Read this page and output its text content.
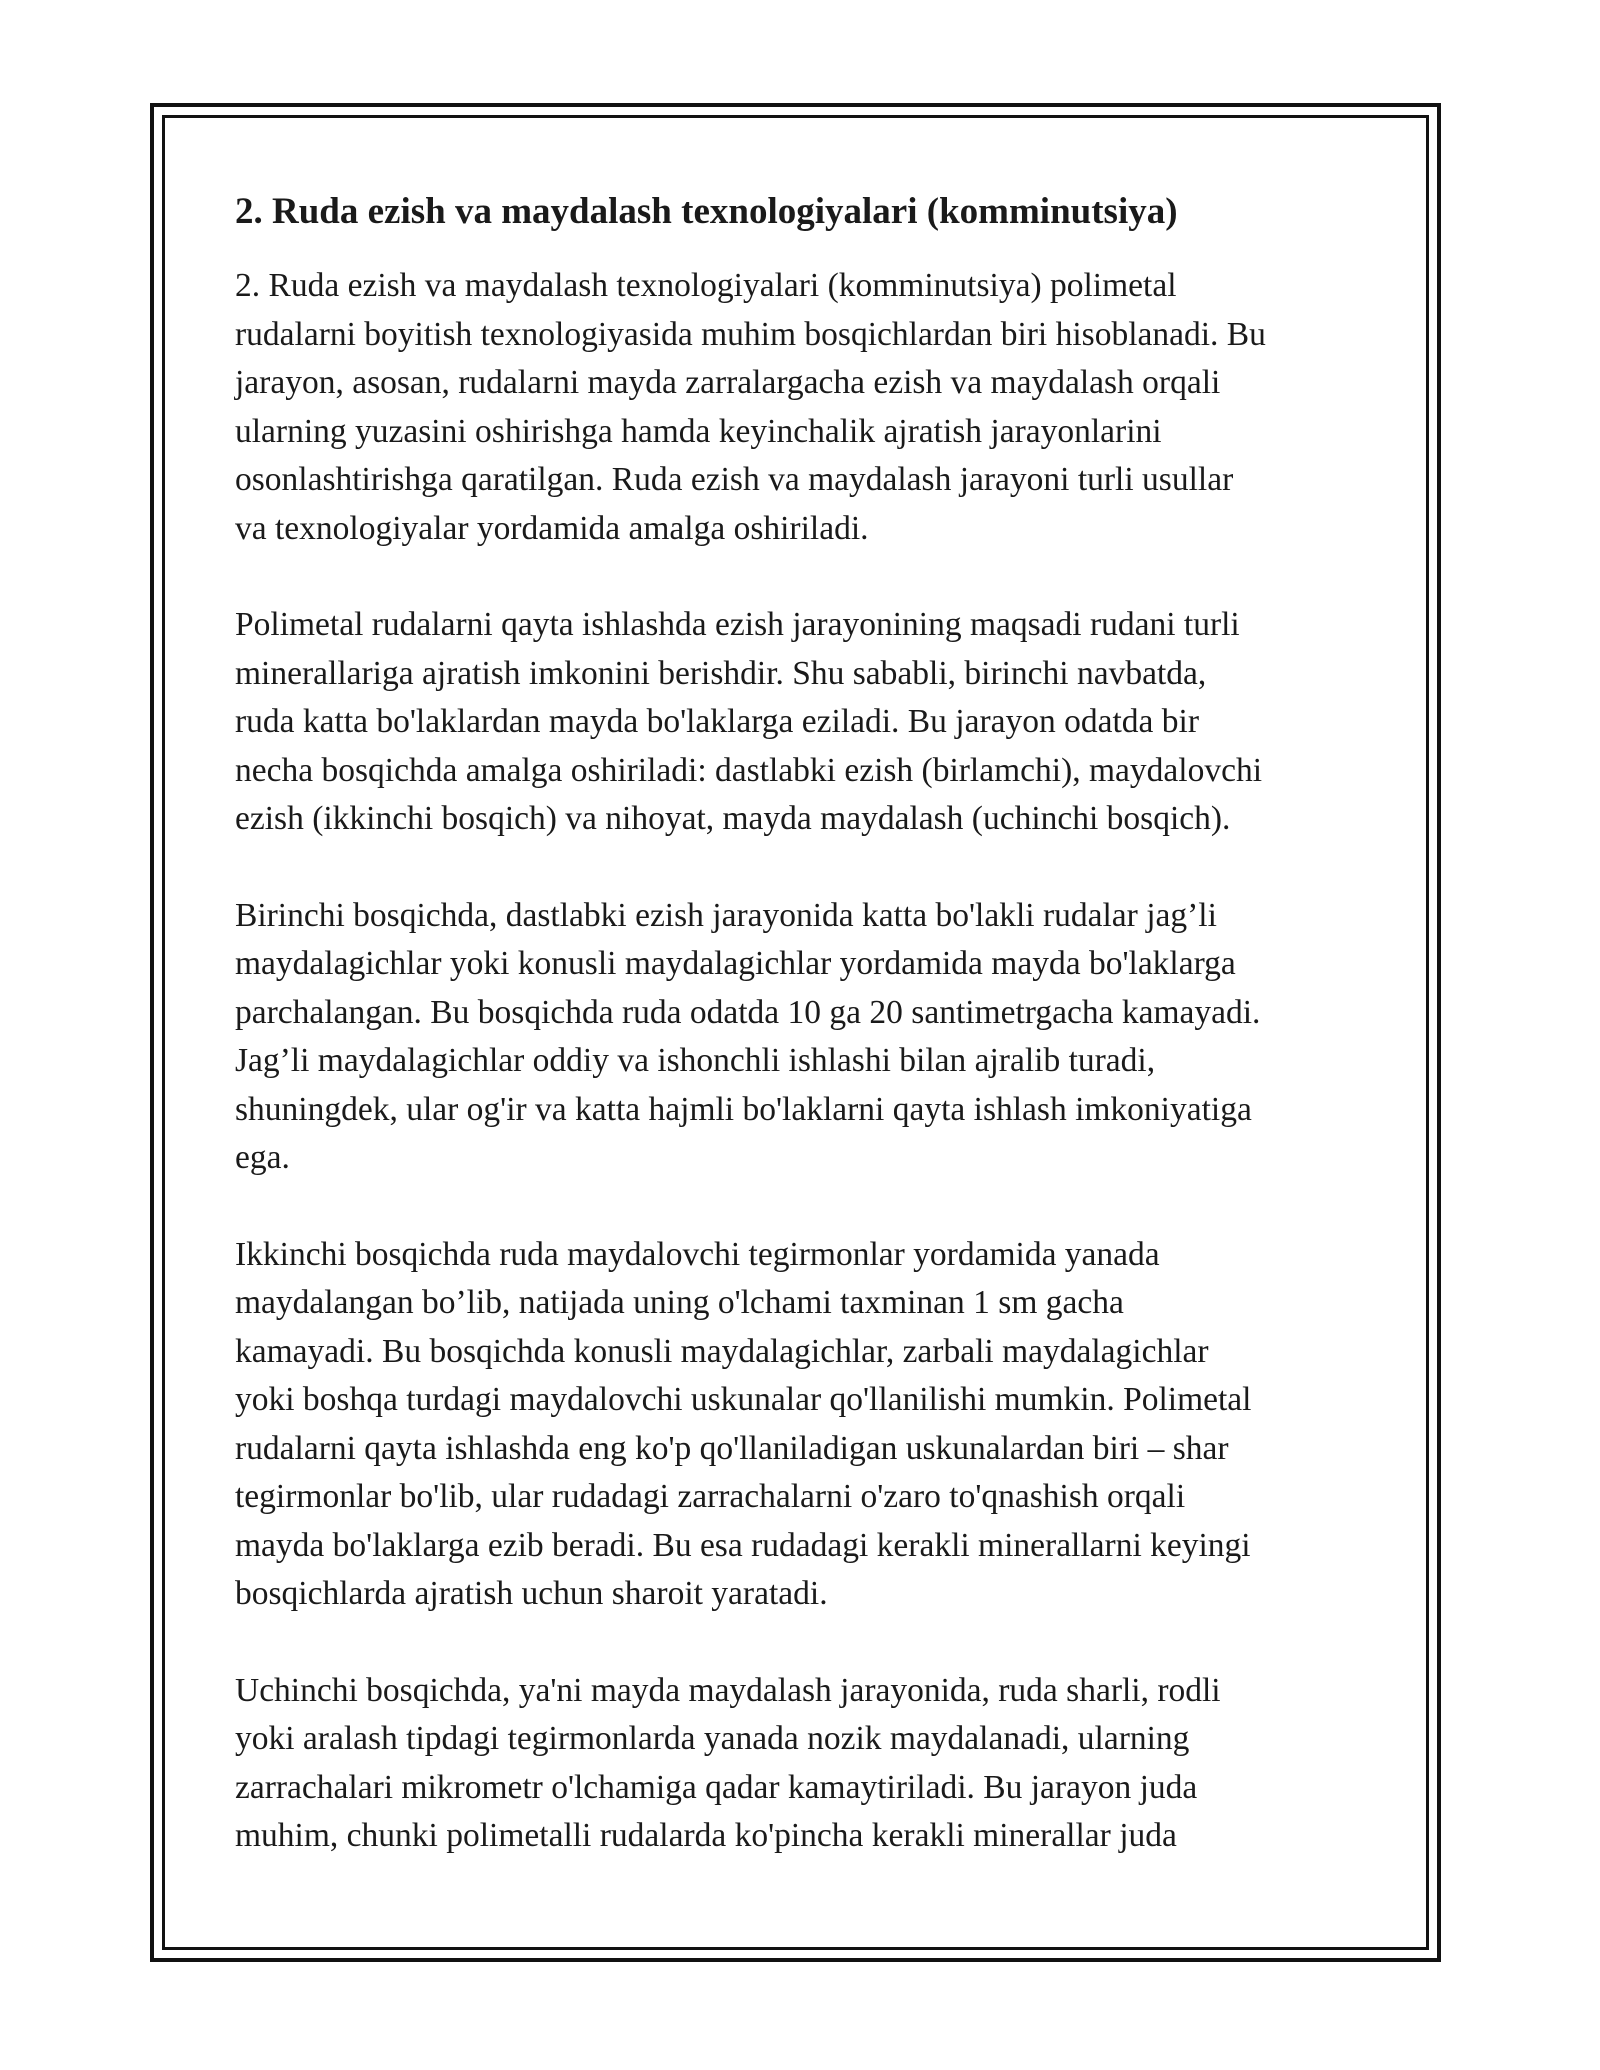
2. Ruda ezish va maydalash texnologiyalari (komminutsiya)
2. Ruda ezish va maydalash texnologiyalari (komminutsiya) polimetal
rudalarni boyitish texnologiyasida muhim bosqichlardan biri hisoblanadi. Bu
jarayon, asosan, rudalarni mayda zarralargacha ezish va maydalash orqali
ularning yuzasini oshirishga hamda keyinchalik ajratish jarayonlarini
osonlashtirishga qaratilgan. Ruda ezish va maydalash jarayoni turli usullar
va texnologiyalar yordamida amalga oshiriladi.
Polimetal rudalarni qayta ishlashda ezish jarayonining maqsadi rudani turli
minerallariga ajratish imkonini berishdir. Shu sababli, birinchi navbatda,
ruda katta bo'laklardan mayda bo'laklarga eziladi. Bu jarayon odatda bir
necha bosqichda amalga oshiriladi: dastlabki ezish (birlamchi), maydalovchi
ezish (ikkinchi bosqich) va nihoyat, mayda maydalash (uchinchi bosqich).
Birinchi bosqichda, dastlabki ezish jarayonida katta bo'lakli rudalar jag’li
maydalagichlar yoki konusli maydalagichlar yordamida mayda bo'laklarga
parchalangan. Bu bosqichda ruda odatda 10 ga 20 santimetrgacha kamayadi.
Jag’li maydalagichlar oddiy va ishonchli ishlashi bilan ajralib turadi,
shuningdek, ular og'ir va katta hajmli bo'laklarni qayta ishlash imkoniyatiga
ega.
Ikkinchi bosqichda ruda maydalovchi tegirmonlar yordamida yanada
maydalangan bo’lib, natijada uning o'lchami taxminan 1 sm gacha
kamayadi. Bu bosqichda konusli maydalagichlar, zarbali maydalagichlar
yoki boshqa turdagi maydalovchi uskunalar qo'llanilishi mumkin. Polimetal
rudalarni qayta ishlashda eng ko'p qo'llaniladigan uskunalardan biri – shar
tegirmonlar bo'lib, ular rudadagi zarrachalarni o'zaro to'qnashish orqali
mayda bo'laklarga ezib beradi. Bu esa rudadagi kerakli minerallarni keyingi
bosqichlarda ajratish uchun sharoit yaratadi.
Uchinchi bosqichda, ya'ni mayda maydalash jarayonida, ruda sharli, rodli
yoki aralash tipdagi tegirmonlarda yanada nozik maydalanadi, ularning
zarrachalari mikrometr o'lchamiga qadar kamaytiriladi. Bu jarayon juda
muhim, chunki polimetalli rudalarda ko'pincha kerakli minerallar juda
